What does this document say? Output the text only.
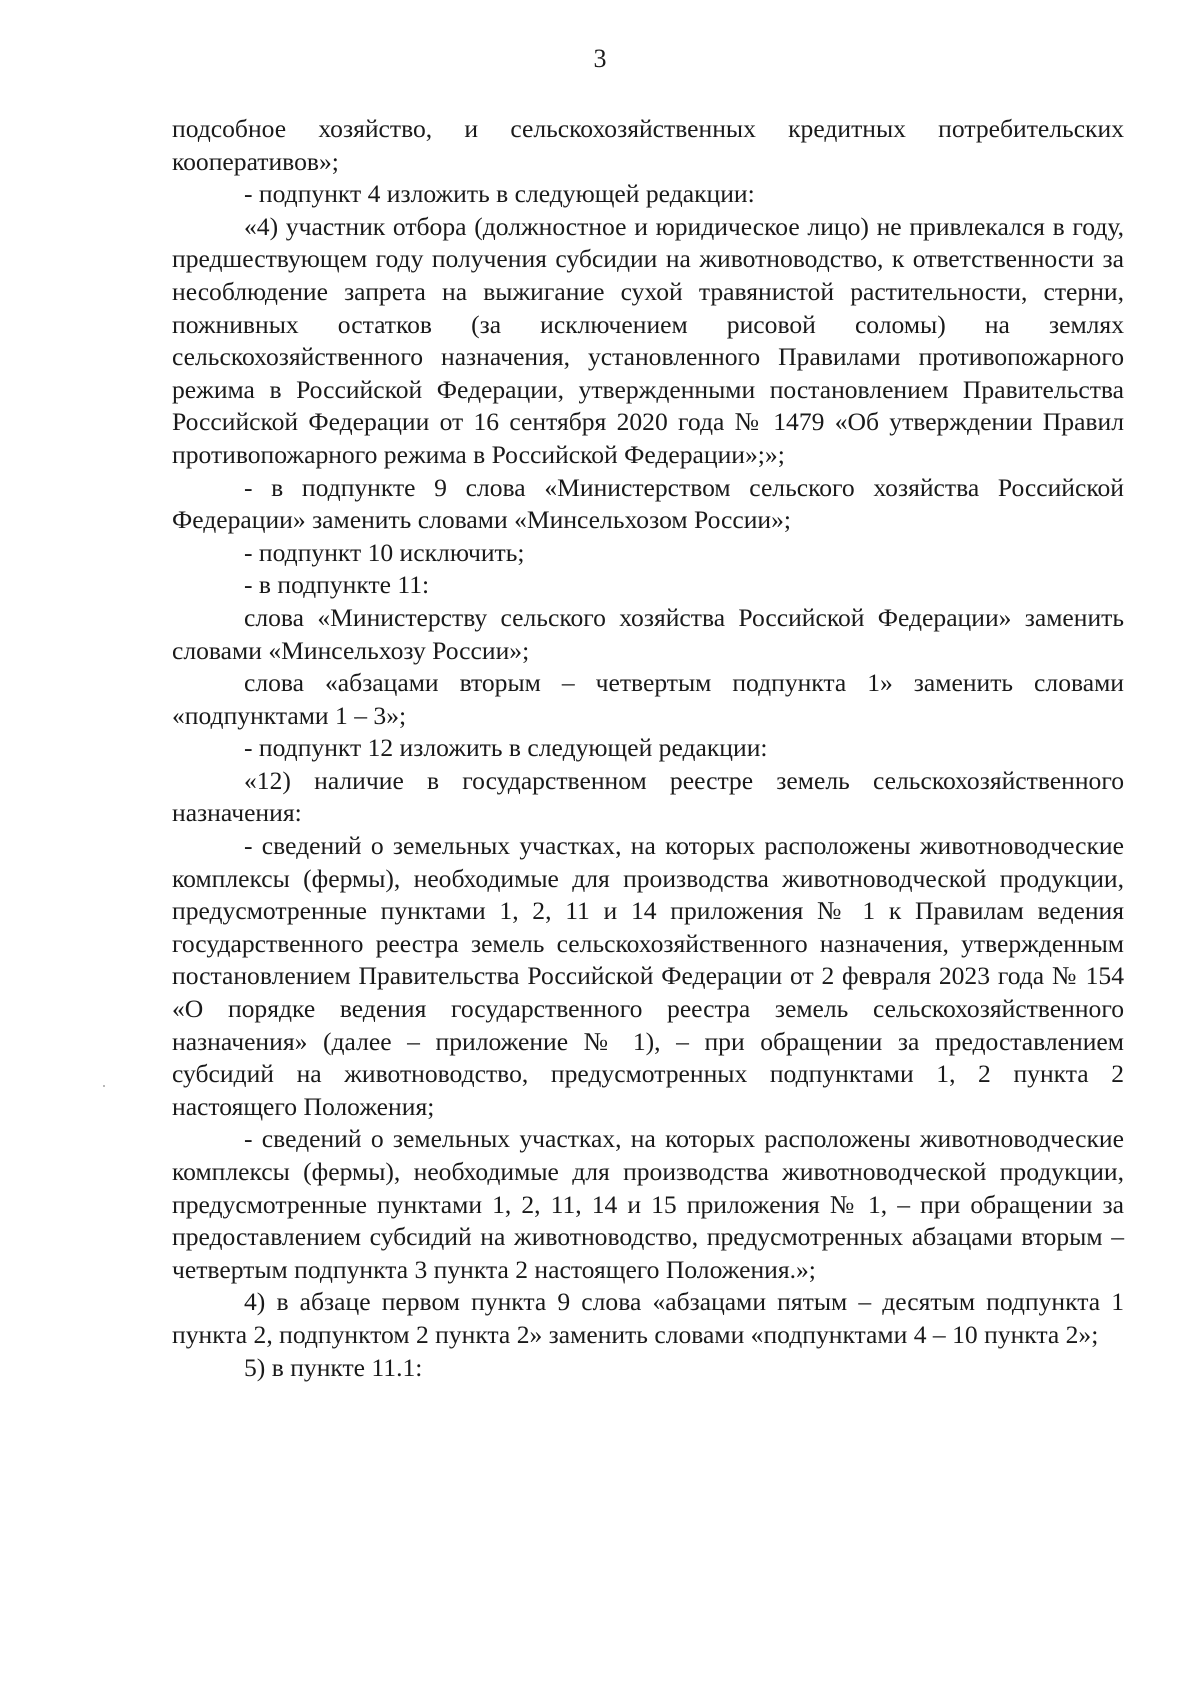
3

подсобное хозяйство, и сельскохозяйственных кредитных потребительских кооперативов»;

- подпункт 4 изложить в следующей редакции:

«4) участник отбора (должностное и юридическое лицо) не привлекался в году, предшествующем году получения субсидии на животноводство, к ответственности за несоблюдение запрета на выжигание сухой травянистой растительности, стерни, пожнивных остатков (за исключением рисовой соломы) на землях сельскохозяйственного назначения, установленного Правилами противопожарного режима в Российской Федерации, утвержденными постановлением Правительства Российской Федерации от 16 сентября 2020 года № 1479 «Об утверждении Правил противопожарного режима в Российской Федерации»;»;

- в подпункте 9 слова «Министерством сельского хозяйства Российской Федерации» заменить словами «Минсельхозом России»;

- подпункт 10 исключить;

- в подпункте 11:

слова «Министерству сельского хозяйства Российской Федерации» заменить словами «Минсельхозу России»;

слова «абзацами вторым – четвертым подпункта 1» заменить словами «подпунктами 1 – 3»;

- подпункт 12 изложить в следующей редакции:

«12) наличие в государственном реестре земель сельскохозяйственного назначения:

- сведений о земельных участках, на которых расположены животноводческие комплексы (фермы), необходимые для производства животноводческой продукции, предусмотренные пунктами 1, 2, 11 и 14 приложения № 1 к Правилам ведения государственного реестра земель сельскохозяйственного назначения, утвержденным постановлением Правительства Российской Федерации от 2 февраля 2023 года № 154 «О порядке ведения государственного реестра земель сельскохозяйственного назначения» (далее – приложение № 1), – при обращении за предоставлением субсидий на животноводство, предусмотренных подпунктами 1, 2 пункта 2 настоящего Положения;

- сведений о земельных участках, на которых расположены животноводческие комплексы (фермы), необходимые для производства животноводческой продукции, предусмотренные пунктами 1, 2, 11, 14 и 15 приложения № 1, – при обращении за предоставлением субсидий на животноводство, предусмотренных абзацами вторым – четвертым подпункта 3 пункта 2 настоящего Положения.»;

4) в абзаце первом пункта 9 слова «абзацами пятым – десятым подпункта 1 пункта 2, подпунктом 2 пункта 2» заменить словами «подпунктами 4 – 10 пункта 2»;

5) в пункте 11.1:
